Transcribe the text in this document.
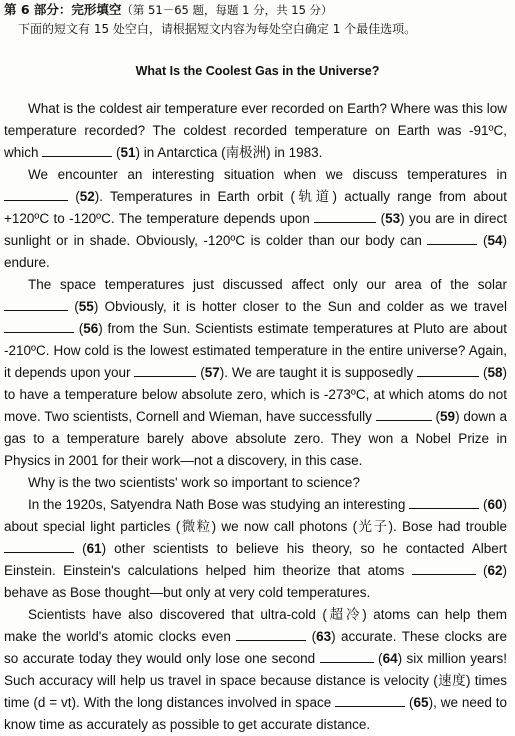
第 6 部分：完形填空（第 51－65 题，每题 1 分，共 15 分）
下面的短文有 15 处空白，请根据短文内容为每处空白确定 1 个最佳选项。
What Is the Coolest Gas in the Universe?

What is the coldest air temperature ever recorded on Earth? Where was this low temperature recorded? The coldest recorded temperature on Earth was -91ºC, which	(51) in Antarctica (南极洲) in 1983.

We encounter an interesting situation when we discuss temperatures in  (52). Temperatures in Earth orbit (轨道) actually range from about +120ºC to -120ºC. The temperature depends upon	(53) you are in direct sunlight or in shade. Obviously, -120ºC is colder than our body can	(54) endure.

The space temperatures just discussed affect only our area of the solar  (55) Obviously, it is hotter closer to the Sun and colder as we travel  (56) from the Sun. Scientists estimate temperatures at Pluto are about -210ºC. How cold is the lowest estimated temperature in the entire universe? Again, it depends upon your	(57). We are taught it is supposedly	(58) to have a temperature below absolute zero, which is -273ºC, at which atoms do not move. Two scientists, Cornell and Wieman, have successfully	(59) down a gas to a temperature barely above absolute zero. They won a Nobel Prize in Physics in 2001 for their work—not a discovery, in this case.

Why is the two scientists' work so important to science?

In the 1920s, Satyendra Nath Bose was studying an interesting	(60) about special light particles (微粒) we now call photons (光子). Bose had trouble  (61) other scientists to believe his theory, so he contacted Albert Einstein. Einstein's calculations helped him theorize that atoms	(62) behave as Bose thought—but only at very cold temperatures.

Scientists have also discovered that ultra-cold (超冷) atoms can help them make the world's atomic clocks even	(63) accurate. These clocks are so accurate today they would only lose one second	(64) six million years! Such accuracy will help us travel in space because distance is velocity (速度) times time (d = vt). With the long distances involved in space	(65), we need to know time as accurately as possible to get accurate distance.
